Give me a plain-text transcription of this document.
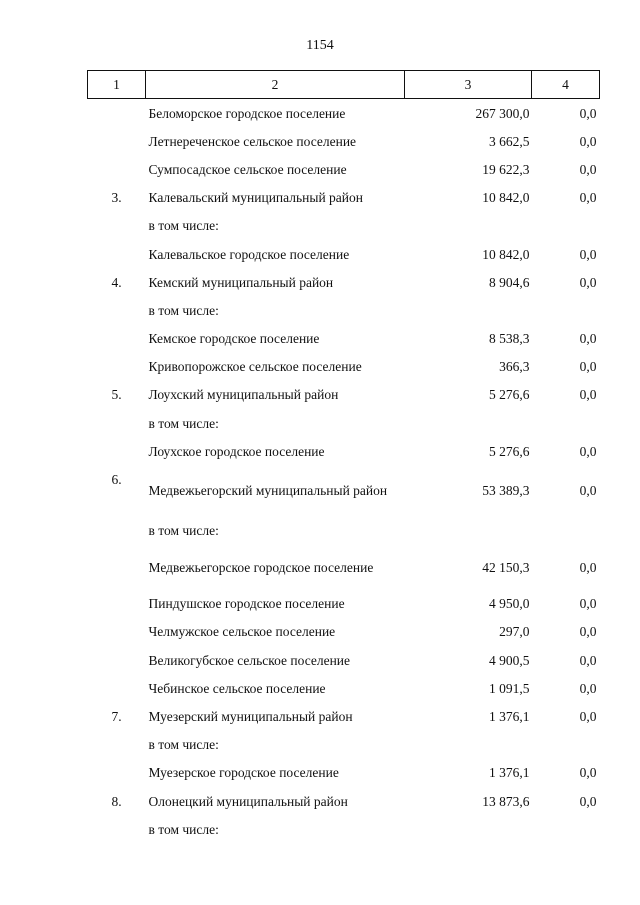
1154
1	2	3	4
	Беломорское городское поселение	267 300,0	0,0
	Летнереченское сельское поселение	3 662,5	0,0
	Сумпосадское сельское поселение	19 622,3	0,0
3.	Калевальский муниципальный район	10 842,0	0,0
	в том числе:		
	Калевальское городское поселение	10 842,0	0,0
4.	Кемский муниципальный район	8 904,6	0,0
	в том числе:		
	Кемское городское поселение	8 538,3	0,0
	Кривопорожское сельское поселение	366,3	0,0
5.	Лоухский муниципальный район	5 276,6	0,0
	в том числе:		
	Лоухское городское поселение	5 276,6	0,0
6.	Медвежьегорский муниципальный район	53 389,3	0,0
	в том числе:		
	Медвежьегорское городское поселение	42 150,3	0,0
	Пиндушское городское поселение	4 950,0	0,0
	Челмужское сельское поселение	297,0	0,0
	Великогубское сельское поселение	4 900,5	0,0
	Чебинское сельское поселение	1 091,5	0,0
7.	Муезерский муниципальный район	1 376,1	0,0
	в том числе:		
	Муезерское городское поселение	1 376,1	0,0
8.	Олонецкий муниципальный район	13 873,6	0,0
	в том числе:		
